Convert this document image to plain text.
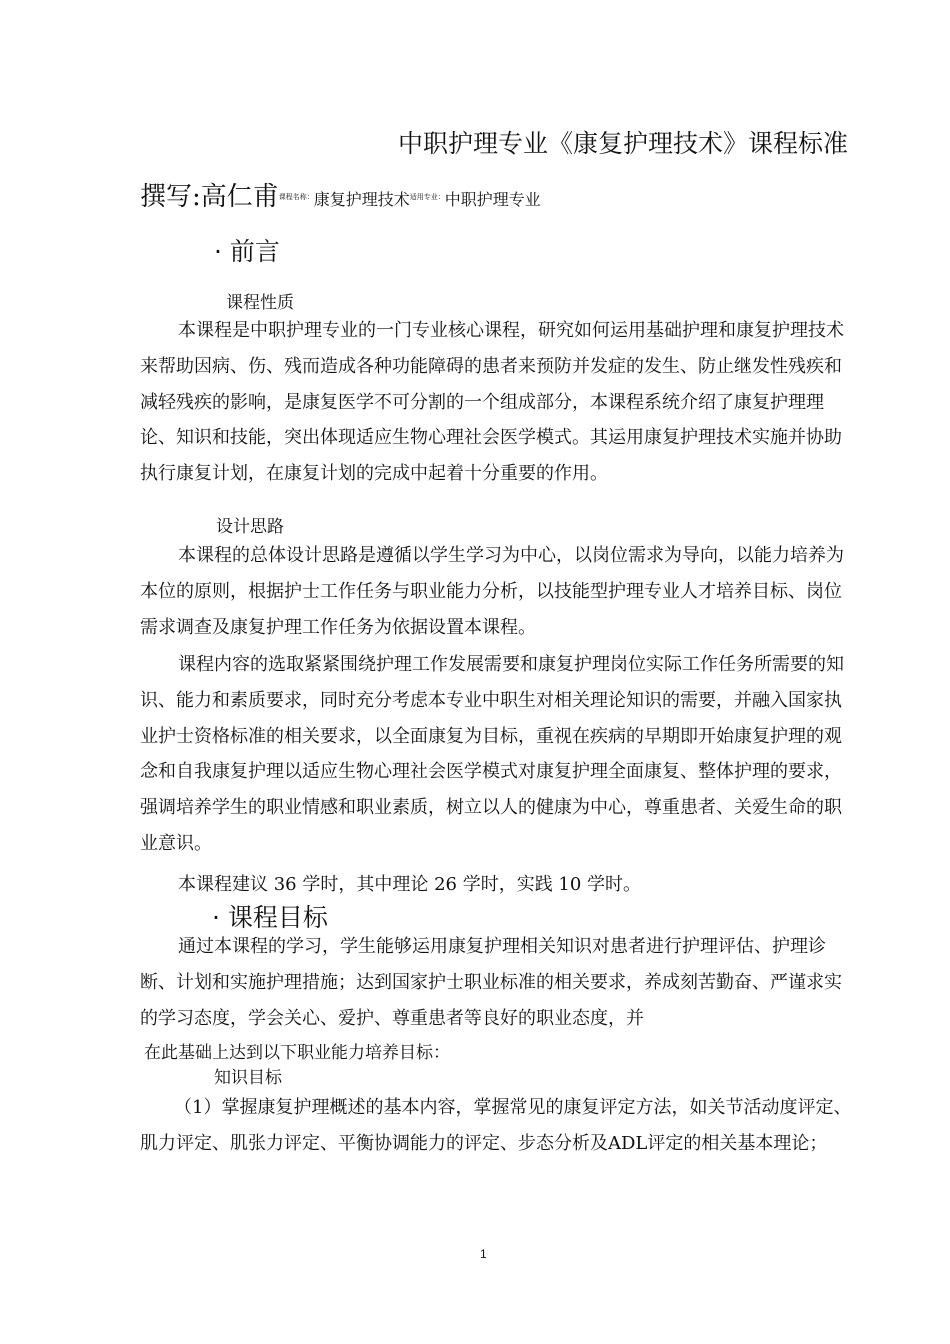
中职护理专业《康复护理技术》课程标准
撰写:高仁甫$^{课程名称:}$康复护理技术$^{适用专业:}$中职护理专业
· 前言
课程性质
本课程是中职护理专业的一门专业核心课程，研究如何运用基础护理和康复护理技术来帮助因病、伤、残而造成各种功能障碍的患者来预防并发症的发生、防止继发性残疾和减轻残疾的影响，是康复医学不可分割的一个组成部分，本课程系统介绍了康复护理理论、知识和技能，突出体现适应生物心理社会医学模式。其运用康复护理技术实施并协助执行康复计划，在康复计划的完成中起着十分重要的作用。
设计思路
本课程的总体设计思路是遵循以学生学习为中心，以岗位需求为导向，以能力培养为本位的原则，根据护士工作任务与职业能力分析，以技能型护理专业人才培养目标、岗位需求调查及康复护理工作任务为依据设置本课程。
课程内容的选取紧紧围绕护理工作发展需要和康复护理岗位实际工作任务所需要的知识、能力和素质要求，同时充分考虑本专业中职生对相关理论知识的需要，并融入国家执业护士资格标准的相关要求，以全面康复为目标，重视在疾病的早期即开始康复护理的观念和自我康复护理以适应生物心理社会医学模式对康复护理全面康复、整体护理的要求，强调培养学生的职业情感和职业素质，树立以人的健康为中心，尊重患者、关爱生命的职业意识。
本课程建议 36 学时，其中理论 26 学时，实践 10 学时。
· 课程目标
通过本课程的学习，学生能够运用康复护理相关知识对患者进行护理评估、护理诊断、计划和实施护理措施；达到国家护士职业标准的相关要求，养成刻苦勤奋、严谨求实的学习态度，学会关心、爱护、尊重患者等良好的职业态度，并
在此基础上达到以下职业能力培养目标：
知识目标
（1）掌握康复护理概述的基本内容，掌握常见的康复评定方法，如关节活动度评定、肌力评定、肌张力评定、平衡协调能力的评定、步态分析及ADL评定的相关基本理论；
1
